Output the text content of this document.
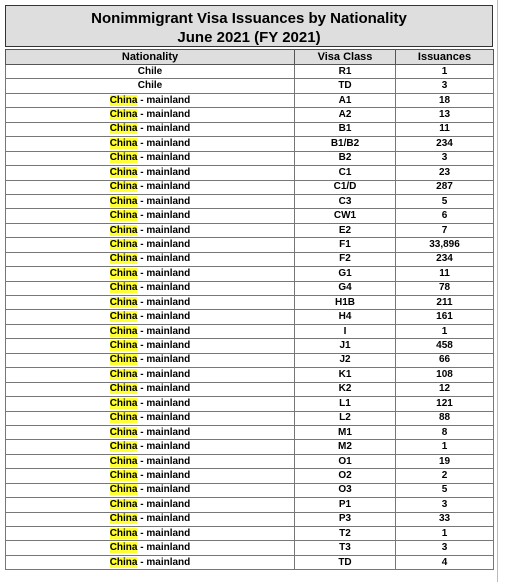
Nonimmigrant Visa Issuances by Nationality
June 2021 (FY 2021)
Nationality	Visa Class	Issuances
Chile	R1	1
Chile	TD	3
China - mainland	A1	18
China - mainland	A2	13
China - mainland	B1	11
China - mainland	B1/B2	234
China - mainland	B2	3
China - mainland	C1	23
China - mainland	C1/D	287
China - mainland	C3	5
China - mainland	CW1	6
China - mainland	E2	7
China - mainland	F1	33,896
China - mainland	F2	234
China - mainland	G1	11
China - mainland	G4	78
China - mainland	H1B	211
China - mainland	H4	161
China - mainland	I	1
China - mainland	J1	458
China - mainland	J2	66
China - mainland	K1	108
China - mainland	K2	12
China - mainland	L1	121
China - mainland	L2	88
China - mainland	M1	8
China - mainland	M2	1
China - mainland	O1	19
China - mainland	O2	2
China - mainland	O3	5
China - mainland	P1	3
China - mainland	P3	33
China - mainland	T2	1
China - mainland	T3	3
China - mainland	TD	4
